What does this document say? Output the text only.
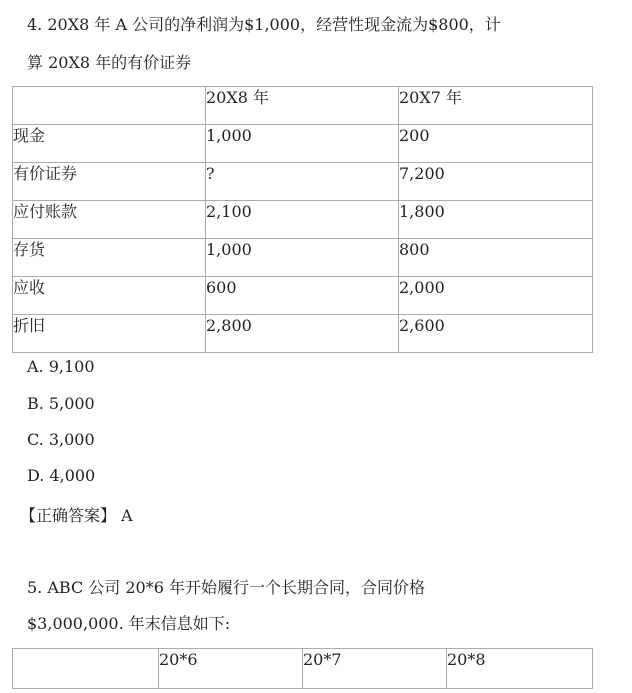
4. 20X8 年 A 公司的净利润为$1,000，经营性现金流为$800，计
算 20X8 年的有价证券
	20X8 年	20X7 年
现金	1,000	200
有价证券	?	7,200
应付账款	2,100	1,800
存货	1,000	800
应收	600	2,000
折旧	2,800	2,600
A. 9,100
B. 5,000
C. 3,000
D. 4,000
【正确答案】 A
5. ABC 公司 20*6 年开始履行一个长期合同，合同价格
$3,000,000. 年末信息如下:
	20*6	20*7	20*8
